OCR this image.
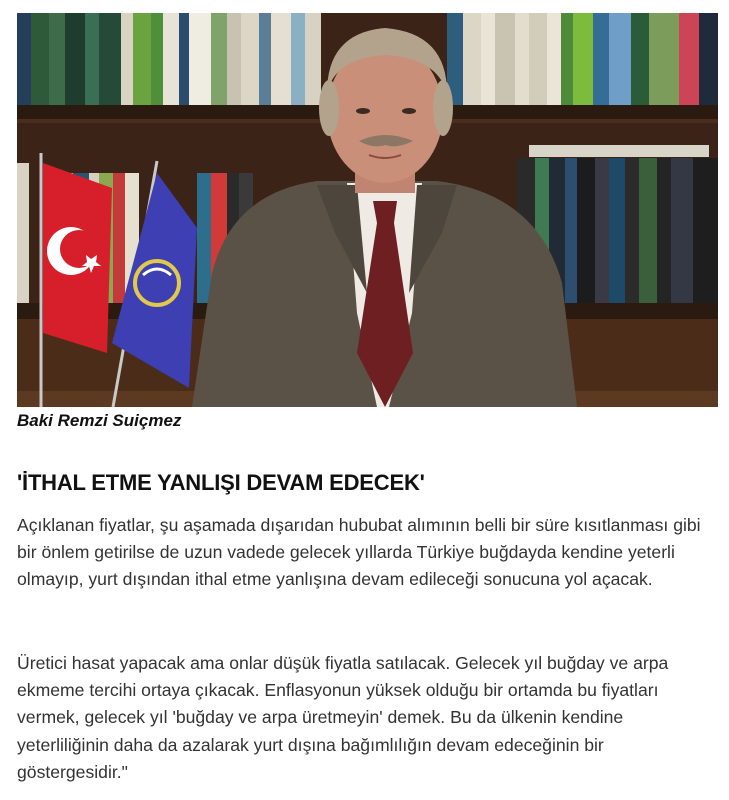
Baki Remzi Suiçmez

'İTHAL ETME YANLIŞI DEVAM EDECEK'

Açıklanan fiyatlar, şu aşamada dışarıdan hububat alımının belli bir süre kısıtlanması gibi bir önlem getirilse de uzun vadede gelecek yıllarda Türkiye buğdayda kendine yeterli olmayıp, yurt dışından ithal etme yanlışına devam edileceği sonucuna yol açacak.

Üretici hasat yapacak ama onlar düşük fiyatla satılacak. Gelecek yıl buğday ve arpa ekmeme tercihi ortaya çıkacak. Enflasyonun yüksek olduğu bir ortamda bu fiyatları vermek, gelecek yıl 'buğday ve arpa üretmeyin' demek. Bu da ülkenin kendine yeterliliğinin daha da azalarak yurt dışına bağımlılığın devam edeceğinin bir göstergesidir."
